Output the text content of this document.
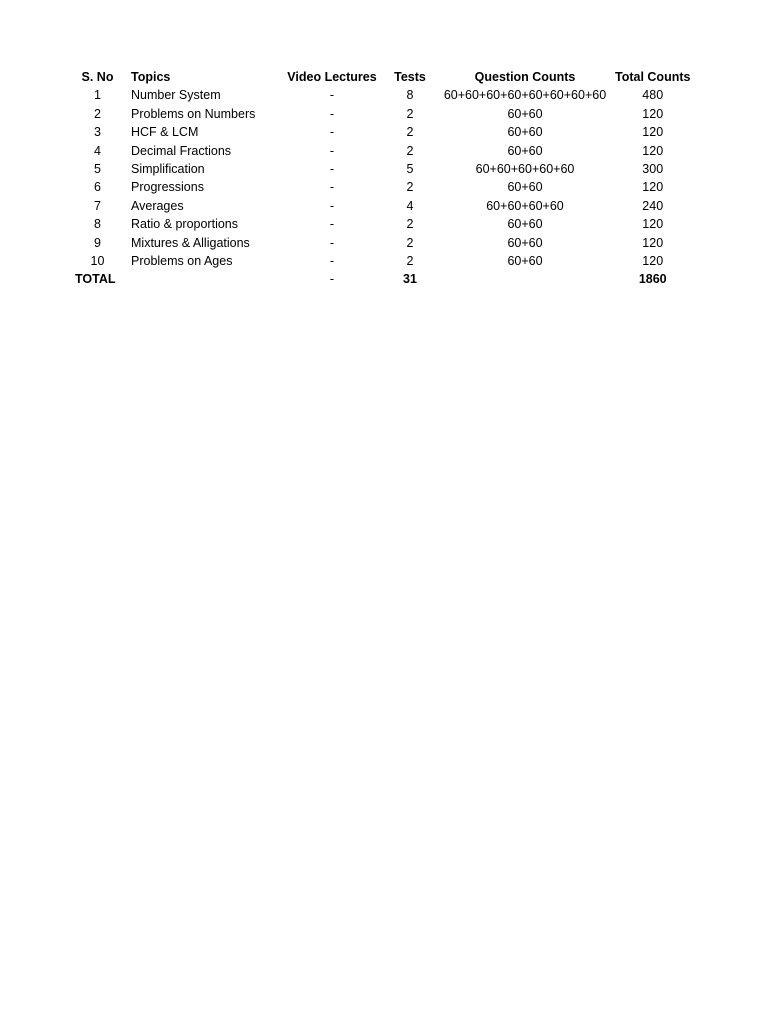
S. No	Topics	Video Lectures	Tests	Question Counts	Total Counts
1	Number System	-	8	60+60+60+60+60+60+60+60	480
2	Problems on Numbers	-	2	60+60	120
3	HCF & LCM	-	2	60+60	120
4	Decimal Fractions	-	2	60+60	120
5	Simplification	-	5	60+60+60+60+60	300
6	Progressions	-	2	60+60	120
7	Averages	-	4	60+60+60+60	240
8	Ratio & proportions	-	2	60+60	120
9	Mixtures & Alligations	-	2	60+60	120
10	Problems on Ages	-	2	60+60	120
TOTAL		-	31		1860
